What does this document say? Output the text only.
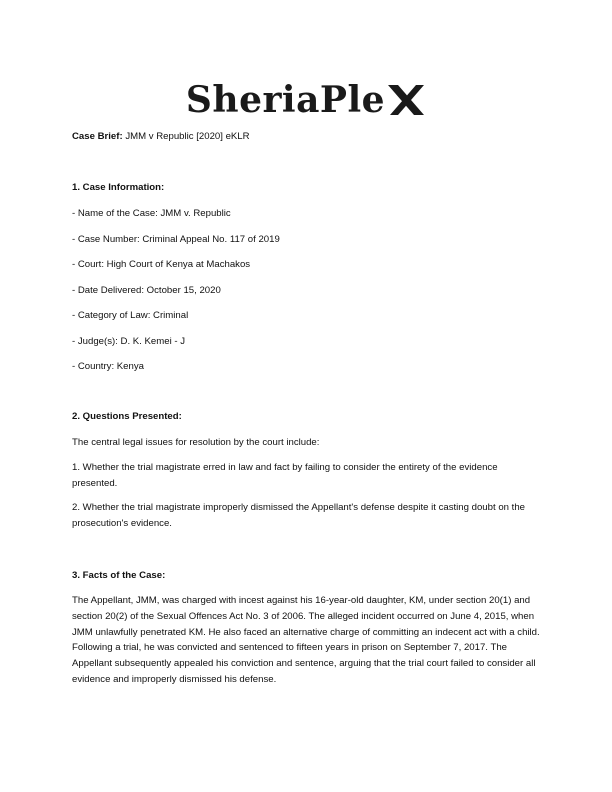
SheriaPle
Case Brief: JMM v Republic [2020] eKLR
1. Case Information:
- Name of the Case: JMM v. Republic
- Case Number: Criminal Appeal No. 117 of 2019
- Court: High Court of Kenya at Machakos
- Date Delivered: October 15, 2020
- Category of Law: Criminal
- Judge(s): D. K. Kemei - J
- Country: Kenya
2. Questions Presented:
The central legal issues for resolution by the court include:
1. Whether the trial magistrate erred in law and fact by failing to consider the entirety of the evidence presented.
2. Whether the trial magistrate improperly dismissed the Appellant's defense despite it casting doubt on the prosecution's evidence.
3. Facts of the Case:
The Appellant, JMM, was charged with incest against his 16-year-old daughter, KM, under section 20(1) and section 20(2) of the Sexual Offences Act No. 3 of 2006. The alleged incident occurred on June 4, 2015, when JMM unlawfully penetrated KM. He also faced an alternative charge of committing an indecent act with a child. Following a trial, he was convicted and sentenced to fifteen years in prison on September 7, 2017. The Appellant subsequently appealed his conviction and sentence, arguing that the trial court failed to consider all evidence and improperly dismissed his defense.
